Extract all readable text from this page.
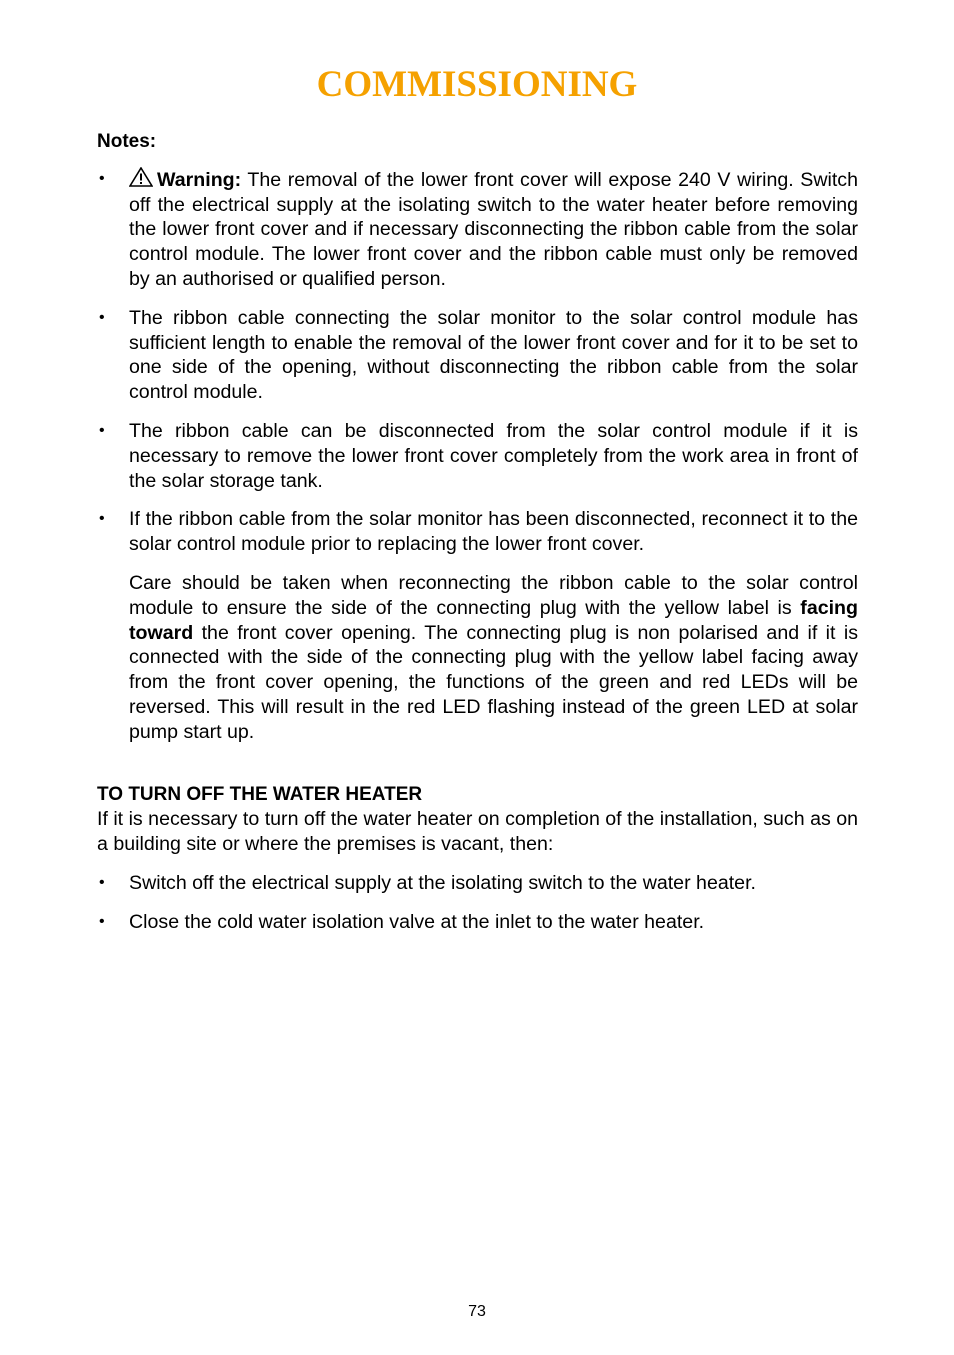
COMMISSIONING
Notes:
•	Warning: The removal of the lower front cover will expose 240 V wiring. Switch off the electrical supply at the isolating switch to the water heater before removing the lower front cover and if necessary disconnecting the ribbon cable from the solar control module. The lower front cover and the ribbon cable must only be removed by an authorised or qualified person.
• The ribbon cable connecting the solar monitor to the solar control module has sufficient length to enable the removal of the lower front cover and for it to be set to one side of the opening, without disconnecting the ribbon cable from the solar control module.
• The ribbon cable can be disconnected from the solar control module if it is necessary to remove the lower front cover completely from the work area in front of the solar storage tank.
• If the ribbon cable from the solar monitor has been disconnected, reconnect it to the solar control module prior to replacing the lower front cover.

Care should be taken when reconnecting the ribbon cable to the solar control module to ensure the side of the connecting plug with the yellow label is facing toward the front cover opening. The connecting plug is non polarised and if it is connected with the side of the connecting plug with the yellow label facing away from the front cover opening, the functions of the green and red LEDs will be reversed. This will result in the red LED flashing instead of the green LED at solar pump start up.

TO TURN OFF THE WATER HEATER

If it is necessary to turn off the water heater on completion of the installation, such as on a building site or where the premises is vacant, then:

• Switch off the electrical supply at the isolating switch to the water heater.
• Close the cold water isolation valve at the inlet to the water heater.
73
